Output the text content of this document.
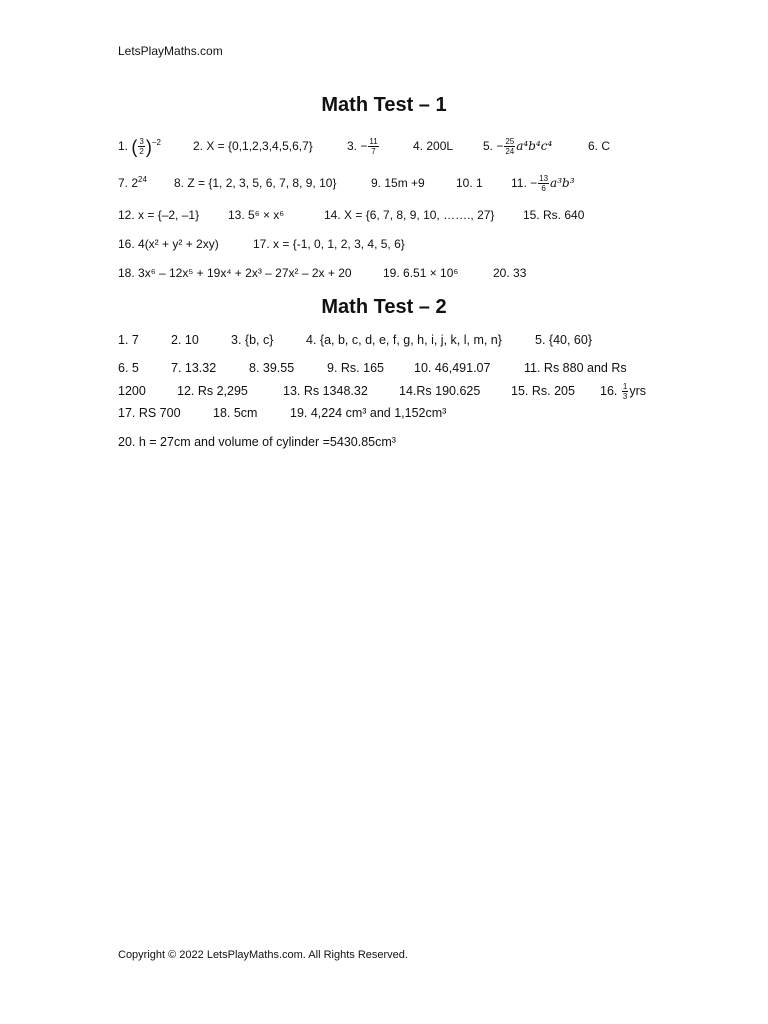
LetsPlayMaths.com
Math Test – 1
1. ( $\frac{3}{2} )^{-2}$	2. X = {0,1,2,3,4,5,6,7}	3. − $\frac{11}{7}$	4. 200L 5. − $\frac{25}{24} a^4b^4c^4$	6. C
7. $2^{24}$ 8. Z = {1, 2, 3, 5, 6, 7, 8, 9, 10}	9. 15m +9	10. 1 11. − $\frac{13}{6} a^3b^3$
12. x = {–2, –1} 13. 5⁶ × x⁶	14. X = {6, 7, 8, 9, 10, ……., 27} 15. Rs. 640
16. 4(x² + y² + 2xy)	17. x = {-1, 0, 1, 2, 3, 4, 5, 6}
18. 3x⁶ – 12x⁵ + 19x⁴ + 2x³ – 27x² – 2x + 20	19. 6.51 × 10⁶	20. 33
Math Test – 2
1. 7	2. 10	3. {b, c}	4. {a, b, c, d, e, f, g, h, i, j, k, l, m, n}	5. {40, 60}
6. 5	7. 13.32	8. 39.55	9. Rs. 165 10. 46,491.07	11. Rs 880 and Rs
1200 12. Rs 2,295	13. Rs 1348.32 14.Rs 190.625 15. Rs. 205 16. $\frac{1}{3}$ yrs
17. RS 700	18. 5cm	19. 4,224 cm³ and 1,152cm³
20. h = 27cm and volume of cylinder =5430.85cm³
Copyright © 2022 LetsPlayMaths.com. All Rights Reserved.
